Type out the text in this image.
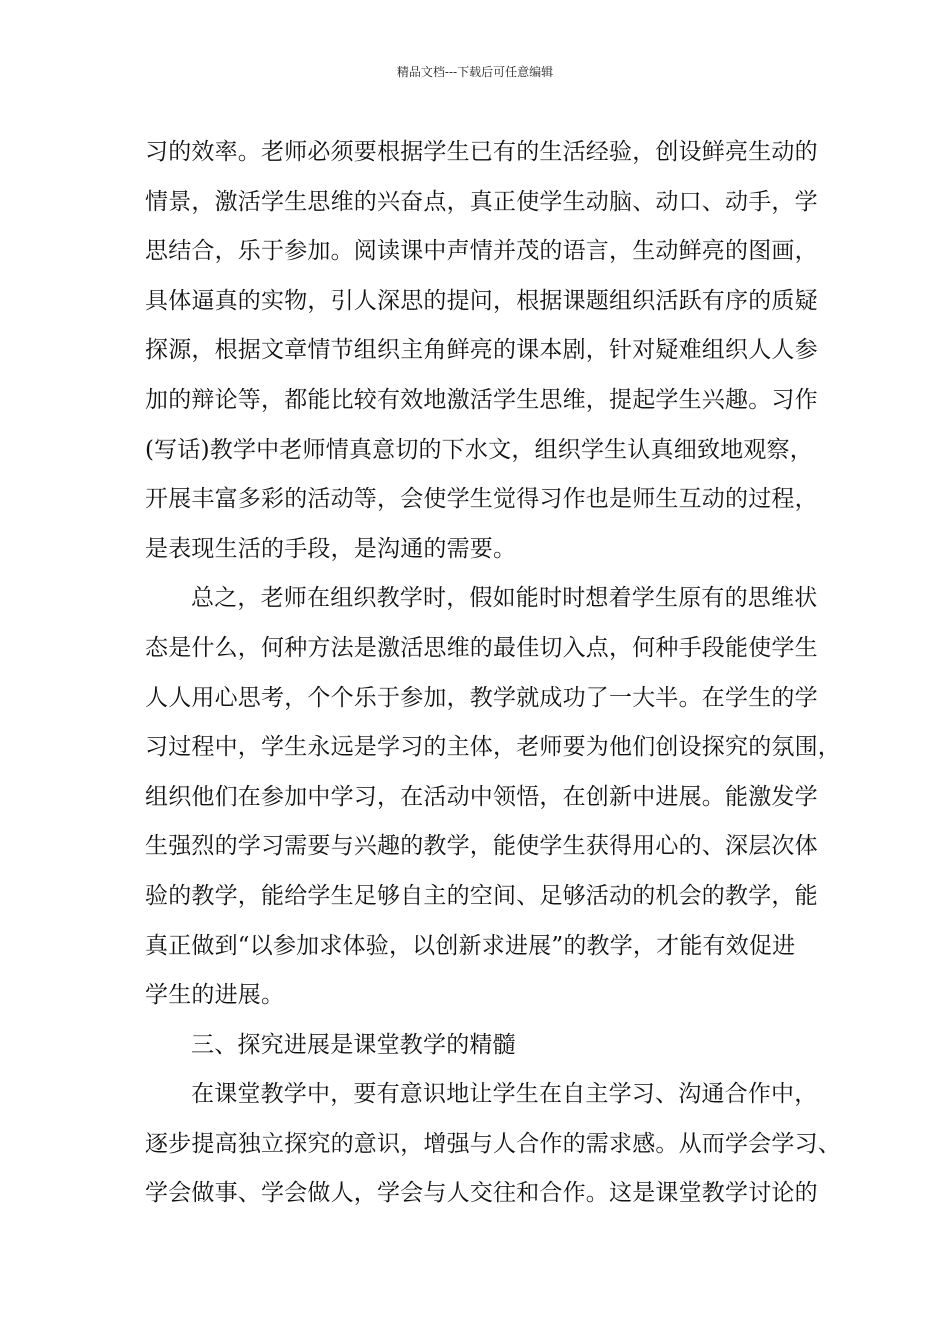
精品文档---下载后可任意编辑
习的效率。老师必须要根据学生已有的生活经验，创设鲜亮生动的
情景，激活学生思维的兴奋点，真正使学生动脑、动口、动手，学
思结合，乐于参加。阅读课中声情并茂的语言，生动鲜亮的图画，
具体逼真的实物，引人深思的提问，根据课题组织活跃有序的质疑
探源，根据文章情节组织主角鲜亮的课本剧，针对疑难组织人人参
加的辩论等，都能比较有效地激活学生思维，提起学生兴趣。习作
(写话)教学中老师情真意切的下水文，组织学生认真细致地观察，
开展丰富多彩的活动等，会使学生觉得习作也是师生互动的过程，
是表现生活的手段，是沟通的需要。
总之，老师在组织教学时，假如能时时想着学生原有的思维状
态是什么，何种方法是激活思维的最佳切入点，何种手段能使学生
人人用心思考，个个乐于参加，教学就成功了一大半。在学生的学
习过程中，学生永远是学习的主体，老师要为他们创设探究的氛围，
组织他们在参加中学习，在活动中领悟，在创新中进展。能激发学
生强烈的学习需要与兴趣的教学，能使学生获得用心的、深层次体
验的教学，能给学生足够自主的空间、足够活动的机会的教学，能
真正做到“以参加求体验，以创新求进展”的教学，才能有效促进
学生的进展。
三、探究进展是课堂教学的精髓
在课堂教学中，要有意识地让学生在自主学习、沟通合作中，
逐步提高独立探究的意识，增强与人合作的需求感。从而学会学习、
学会做事、学会做人，学会与人交往和合作。这是课堂教学讨论的
